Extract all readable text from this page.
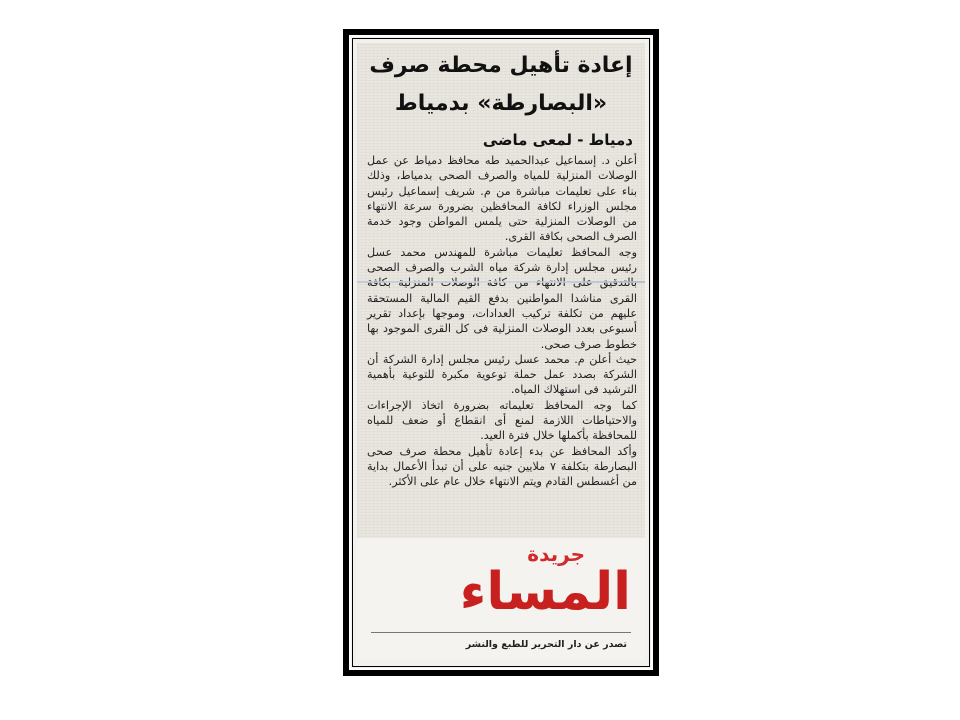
إعادة تأهيل محطة صرف
«البصارطة» بدمياط
دمياط - لمعى ماضى

أعلن د. إسماعيل عبدالحميد طه محافظ دمياط عن عمل الوصلات المنزلية للمياه والصرف الصحى بدمياط، وذلك بناء على تعليمات مباشرة من م. شريف إسماعيل رئيس مجلس الوزراء لكافة المحافظين بضرورة سرعة الانتهاء من الوصلات المنزلية حتى يلمس المواطن وجود خدمة الصرف الصحى بكافة القرى.

وجه المحافظ تعليمات مباشرة للمهندس محمد عسل رئيس مجلس إدارة شركة مياه الشرب والصرف الصحى القرى مناشدا المواطنين بدفع القيم المالية المستحقة عليهم من تكلفة تركيب العدادات، وموجها بإعداد تقرير أسبوعى بعدد الوصلات المنزلية فى كل القرى الموجود بها خطوط صرف صحى.

حيث أعلن م. محمد عسل رئيس مجلس إدارة الشركة أن الشركة بصدد عمل حملة توعوية مكبرة للتوعية بأهمية الترشيد فى استهلاك المياه.

كما وجه المحافظ تعليماته بضرورة اتخاذ الإجراءات والاحتياطات اللازمة لمنع أى انقطاع أو ضعف للمياه للمحافظة بأكملها خلال فترة العيد.

وأكد المحافظ عن بدء إعادة تأهيل محطة صرف صحى البصارطة بتكلفة ٧ ملايين جنيه على أن تبدأ الأعمال بداية من أغسطس القادم ويتم الانتهاء خلال عام على الأكثر.

جريدة
المساء
تصدر عن دار التحرير للطبع والنشر
